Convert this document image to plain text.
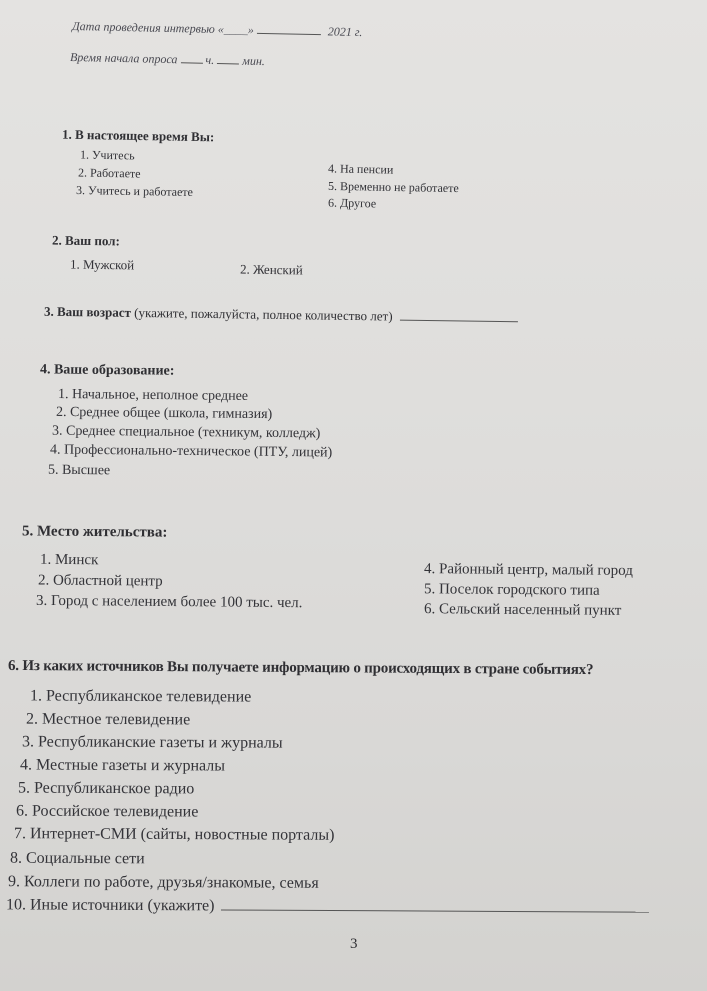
Дата проведения интервью «____»	2021 г.
Время начала опроса ч. мин.
1. В настоящее время Вы:
1. Учитесь
2. Работаете
3. Учитесь и работаете
4. На пенсии
5. Временно не работаете
6. Другое
2. Ваш пол:
1. Мужской	2. Женский
3. Ваш возраст (укажите, пожалуйста, полное количество лет)
4. Ваше образование:
1. Начальное, неполное среднее
2. Среднее общее (школа, гимназия)
3. Среднее специальное (техникум, колледж)
4. Профессионально-техническое (ПТУ, лицей)
5. Высшее
5. Место жительства:
1. Минск
2. Областной центр
3. Город с населением более 100 тыс. чел.
4. Районный центр, малый город
5. Поселок городского типа
6. Сельский населенный пункт
6. Из каких источников Вы получаете информацию о происходящих в стране событиях?
1. Республиканское телевидение
2. Местное телевидение
3. Республиканские газеты и журналы
4. Местные газеты и журналы
5. Республиканское радио
6. Российское телевидение
7. Интернет-СМИ (сайты, новостные порталы)
8. Социальные сети
9. Коллеги по работе, друзья/знакомые, семья
10. Иные источники (укажите)
3
